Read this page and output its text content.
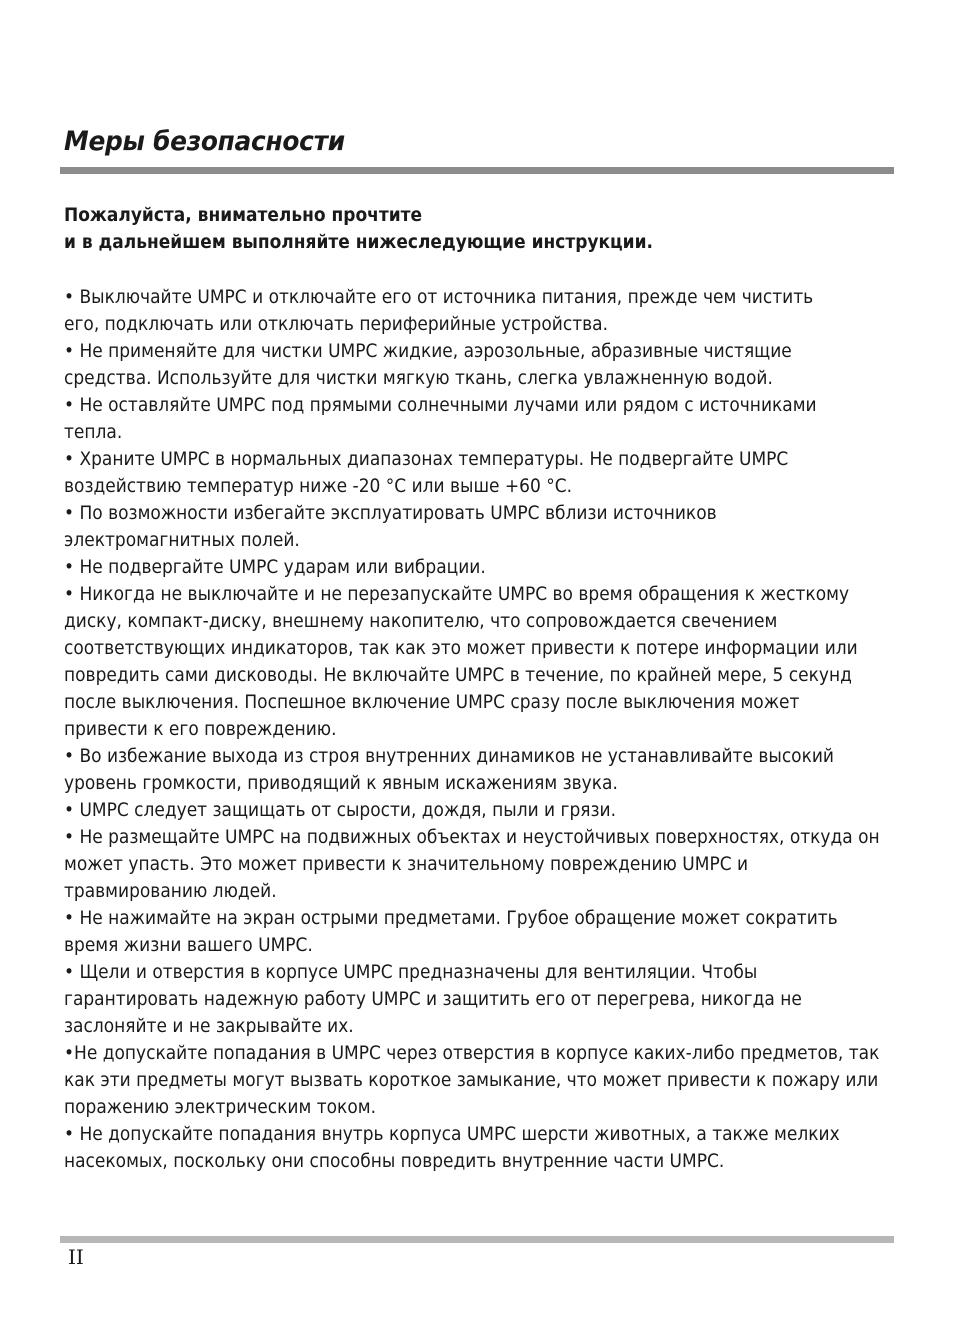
Меры безопасности

Пожалуйста, внимательно прочтите
и в дальнейшем выполняйте нижеследующие инструкции.

• Выключайте UMPC и отключайте его от источника питания, прежде чем чистить
его, подключать или отключать периферийные устройства.
• Не применяйте для чистки UMPC жидкие, аэрозольные, абразивные чистящие
средства. Используйте для чистки мягкую ткань, слегка увлажненную водой.
• Не оставляйте UMPC под прямыми солнечными лучами или рядом с источниками
тепла.
• Храните UMPC в нормальных диапазонах температуры. Не подвергайте UMPC
воздействию температур ниже -20 °C или выше +60 °C.
• По возможности избегайте эксплуатировать UMPC вблизи источников
электромагнитных полей.
• Не подвергайте UMPC ударам или вибрации.
• Никогда не выключайте и не перезапускайте UMPC во время обращения к жесткому
диску, компакт-диску, внешнему накопителю, что сопровождается свечением
соответствующих индикаторов, так как это может привести к потере информации или
повредить сами дисководы. Не включайте UMPC в течение, по крайней мере, 5 секунд
после выключения. Поспешное включение UMPC сразу после выключения может
привести к его повреждению.
• Во избежание выхода из строя внутренних динамиков не устанавливайте высокий
уровень громкости, приводящий к явным искажениям звука.
• UMPC следует защищать от сырости, дождя, пыли и грязи.
• Не размещайте UMPC на подвижных объектах и неустойчивых поверхностях, откуда он
может упасть. Это может привести к значительному повреждению UMPC и
травмированию людей.
• Не нажимайте на экран острыми предметами. Грубое обращение может сократить
время жизни вашего UMPC.
• Щели и отверстия в корпусе UMPC предназначены для вентиляции. Чтобы
гарантировать надежную работу UMPC и защитить его от перегрева, никогда не
заслоняйте и не закрывайте их.
•Не допускайте попадания в UMPC через отверстия в корпусе каких-либо предметов, так
как эти предметы могут вызвать короткое замыкание, что может привести к пожару или
поражению электрическим током.
• Не допускайте попадания внутрь корпуса UMPC шерсти животных, а также мелких
насекомых, поскольку они способны повредить внутренние части UMPC.
II
